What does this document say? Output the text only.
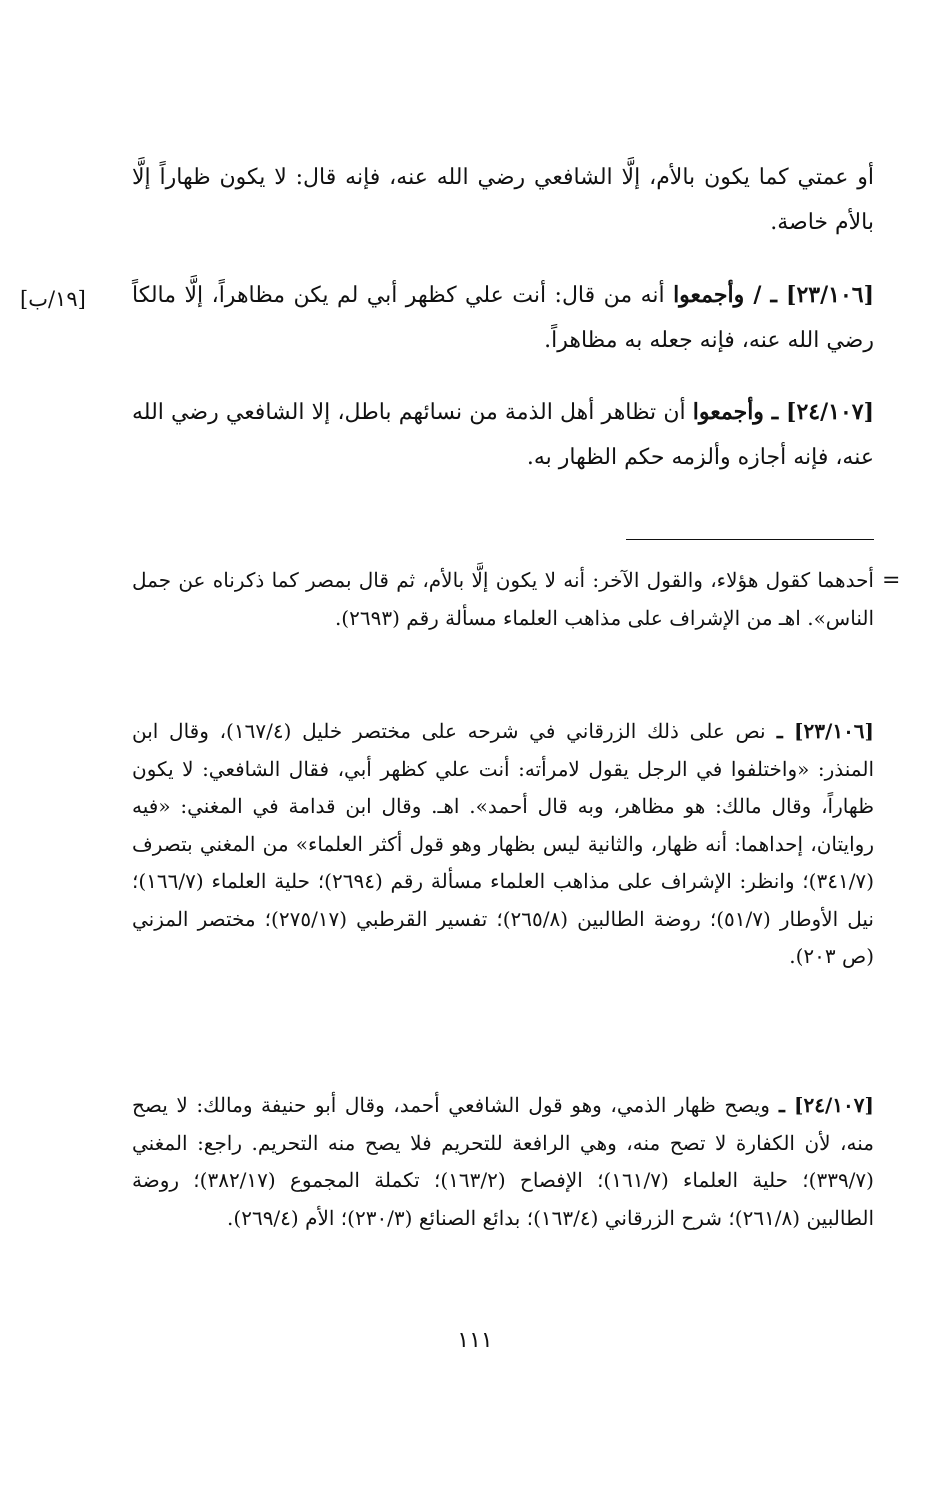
أو عمتي كما يكون بالأم، إلَّا الشافعي رضي الله عنه، فإنه قال: لا يكون ظهاراً إلَّا بالأم خاصة.
[١٩/ب]	[٢٣/١٠٦] ـ / وأجمعوا أنه من قال: أنت علي كظهر أبي لم يكن مظاهراً، إلَّا مالكاً رضي الله عنه، فإنه جعله به مظاهراً.
[٢٤/١٠٧] ـ وأجمعوا أن تظاهر أهل الذمة من نسائهم باطل، إلا الشافعي رضي الله عنه، فإنه أجازه وألزمه حكم الظهار به.
=
أحدهما كقول هؤلاء، والقول الآخر: أنه لا يكون إلَّا بالأم، ثم قال بمصر كما ذكرناه عن جمل الناس». اهـ من الإشراف على مذاهب العلماء مسألة رقم (٢٦٩٣).
[٢٣/١٠٦] ـ نص على ذلك الزرقاني في شرحه على مختصر خليل (١٦٧/٤)، وقال ابن المنذر: «واختلفوا في الرجل يقول لامرأته: أنت علي كظهر أبي، فقال الشافعي: لا يكون ظهاراً، وقال مالك: هو مظاهر، وبه قال أحمد». اهـ. وقال ابن قدامة في المغني: «فيه روايتان، إحداهما: أنه ظهار، والثانية ليس بظهار وهو قول أكثر العلماء» من المغني بتصرف (٣٤١/٧)؛ وانظر: الإشراف على مذاهب العلماء مسألة رقم (٢٦٩٤)؛ حلية العلماء (١٦٦/٧)؛ نيل الأوطار (٥١/٧)؛ روضة الطالبين (٢٦٥/٨)؛ تفسير القرطبي (٢٧٥/١٧)؛ مختصر المزني (ص ٢٠٣).
[٢٤/١٠٧] ـ ويصح ظهار الذمي، وهو قول الشافعي أحمد، وقال أبو حنيفة ومالك: لا يصح منه، لأن الكفارة لا تصح منه، وهي الرافعة للتحريم فلا يصح منه التحريم. راجع: المغني (٣٣٩/٧)؛ حلية العلماء (١٦١/٧)؛ الإفصاح (١٦٣/٢)؛ تكملة المجموع (٣٨٢/١٧)؛ روضة الطالبين (٢٦١/٨)؛ شرح الزرقاني (١٦٣/٤)؛ بدائع الصنائع (٢٣٠/٣)؛ الأم (٢٦٩/٤).
١١١
